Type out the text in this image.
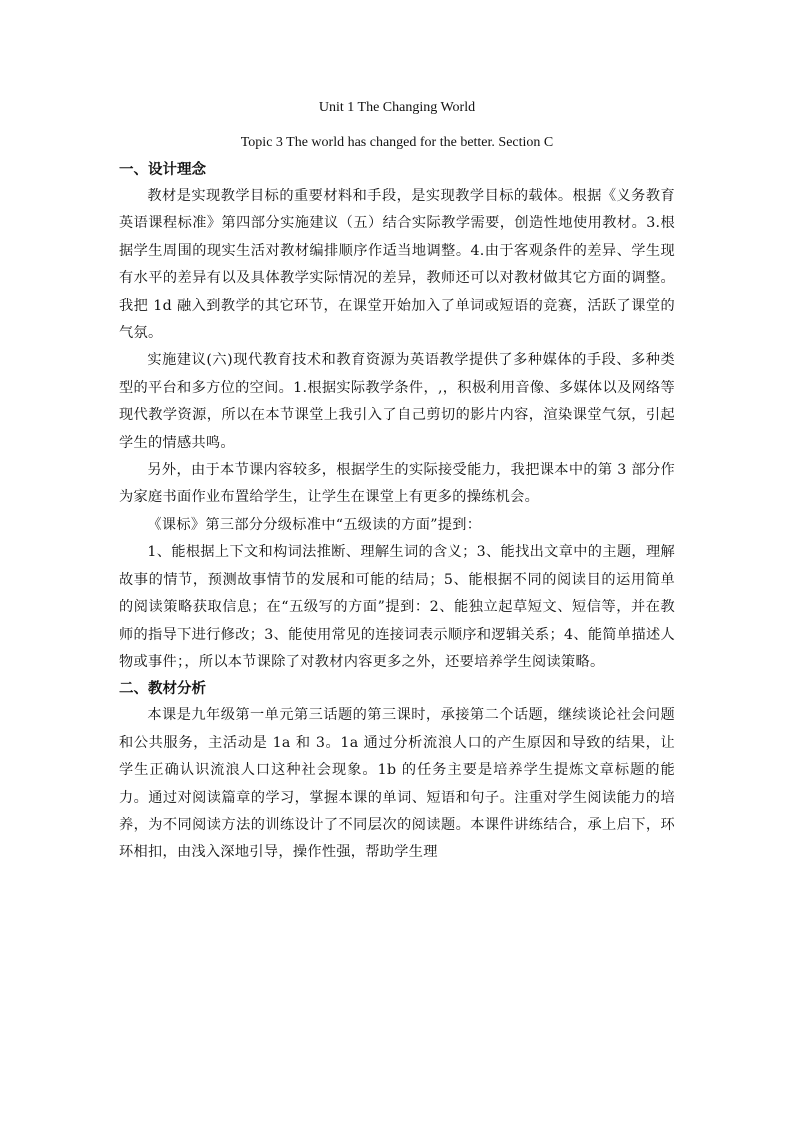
Unit 1 The Changing World
Topic 3 The world has changed for the better. Section C

一、设计理念

教材是实现教学目标的重要材料和手段，是实现教学目标的载体。根据《义务教育英语课程标准》第四部分实施建议（五）结合实际教学需要，创造性地使用教材。3.根据学生周围的现实生活对教材编排顺序作适当地调整。4.由于客观条件的差异、学生现有水平的差异有以及具体教学实际情况的差异，教师还可以对教材做其它方面的调整。我把 1d 融入到教学的其它环节，在课堂开始加入了单词或短语的竞赛，活跃了课堂的气氛。

实施建议(六)现代教育技术和教育资源为英语教学提供了多种媒体的手段、多种类型的平台和多方位的空间。1.根据实际教学条件，,，积极利用音像、多媒体以及网络等现代教学资源，所以在本节课堂上我引入了自己剪切的影片内容，渲染课堂气氛，引起学生的情感共鸣。

另外，由于本节课内容较多，根据学生的实际接受能力，我把课本中的第 3 部分作为家庭书面作业布置给学生，让学生在课堂上有更多的操练机会。

《课标》第三部分分级标准中“五级读的方面”提到：

1、能根据上下文和构词法推断、理解生词的含义；3、能找出文章中的主题，理解故事的情节，预测故事情节的发展和可能的结局；5、能根据不同的阅读目的运用简单的阅读策略获取信息；在“五级写的方面”提到：2、能独立起草短文、短信等，并在教师的指导下进行修改；3、能使用常见的连接词表示顺序和逻辑关系；4、能简单描述人物或事件；，所以本节课除了对教材内容更多之外，还要培养学生阅读策略。

二、教材分析

本课是九年级第一单元第三话题的第三课时，承接第二个话题，继续谈论社会问题和公共服务，主活动是 1a 和 3。1a 通过分析流浪人口的产生原因和导致的结果，让学生正确认识流浪人口这种社会现象。1b 的任务主要是培养学生提炼文章标题的能力。通过对阅读篇章的学习，掌握本课的单词、短语和句子。注重对学生阅读能力的培养，为不同阅读方法的训练设计了不同层次的阅读题。本课件讲练结合，承上启下，环环相扣，由浅入深地引导，操作性强，帮助学生理
